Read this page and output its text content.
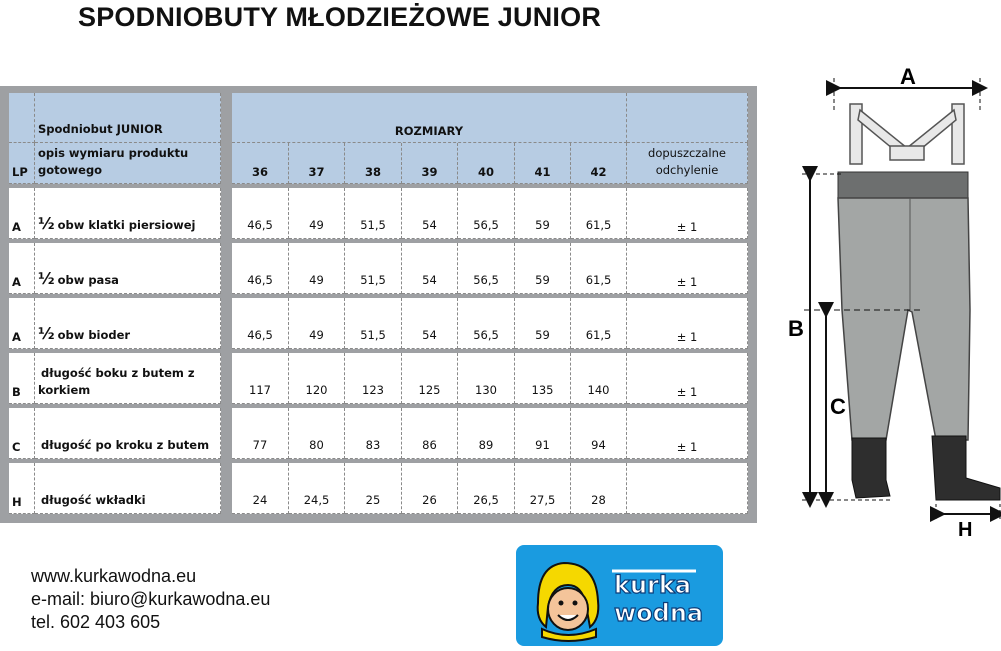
SPODNIOBUTY MŁODZIEŻOWE JUNIOR
	Spodniobut JUNIOR		ROZMIARY							
LP	opis wymiaru produktu gotowego		36	37	38	39	40	41	42	dopuszczalne odchylenie

A	½ obw klatki piersiowej		46,5	49	51,5	54	56,5	59	61,5	± 1

A	½ obw pasa		46,5	49	51,5	54	56,5	59	61,5	± 1

A	½ obw bioder		46,5	49	51,5	54	56,5	59	61,5	± 1

B	długość boku z butem z korkiem		117	120	123	125	130	135	140	± 1

C	długość po kroku z butem		77	80	83	86	89	91	94	± 1

H	długość wkładki		24	24,5	25	26	26,5	27,5	28	
www.kurkawodna.eu
e-mail: biuro@kurkawodna.eu
tel. 602 403 605
kurka
wodna
A
B
C
H
